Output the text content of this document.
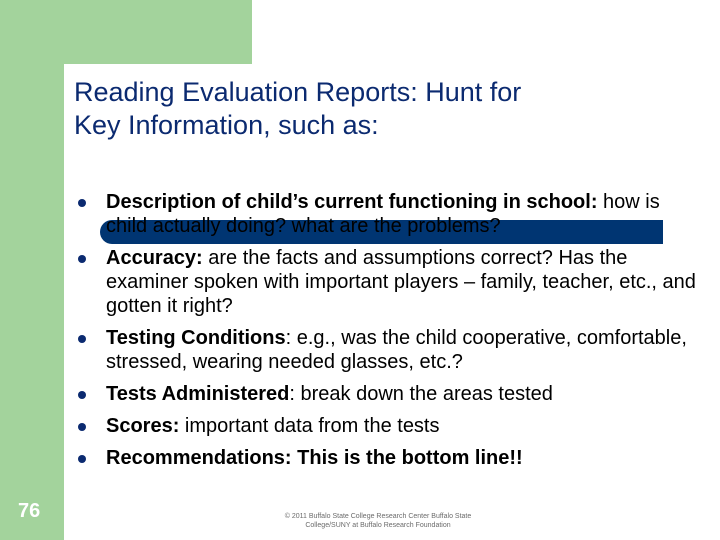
Reading Evaluation Reports: Hunt for
Key Information, such as:
Description of child’s current functioning in school: how is child actually doing? what are the problems?
Accuracy: are the facts and assumptions correct? Has the examiner spoken with important players – family, teacher, etc., and gotten it right?
Testing Conditions: e.g., was the child cooperative, comfortable, stressed, wearing needed glasses, etc.?
Tests Administered: break down the areas tested
Scores: important data from the tests
Recommendations: This is the bottom line!!
76	© 2011 Buffalo State College Research Center Buffalo State
College/SUNY at Buffalo Research Foundation
